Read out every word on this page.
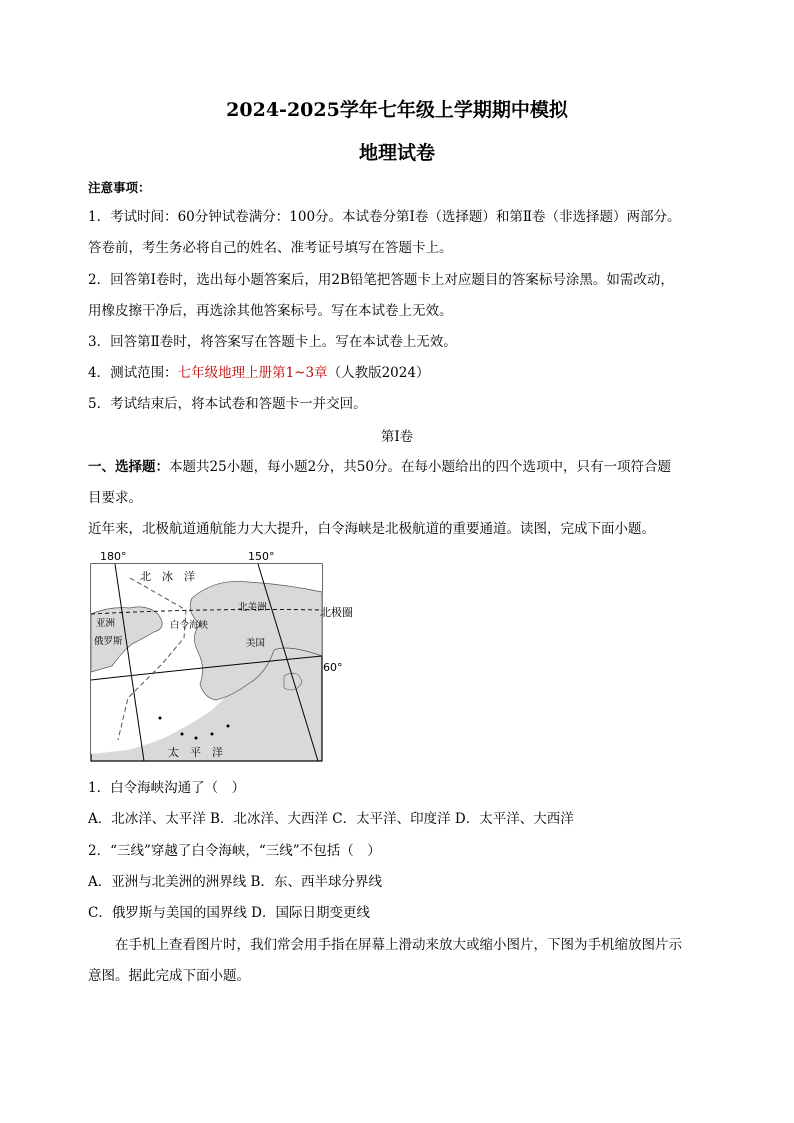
2024-2025学年七年级上学期期中模拟
地理试卷
注意事项：
1．考试时间：60分钟试卷满分：100分。本试卷分第Ⅰ卷（选择题）和第Ⅱ卷（非选择题）两部分。
答卷前，考生务必将自己的姓名、准考证号填写在答题卡上。
2．回答第Ⅰ卷时，选出每小题答案后，用2B铅笔把答题卡上对应题目的答案标号涂黑。如需改动，
用橡皮擦干净后，再选涂其他答案标号。写在本试卷上无效。
3．回答第Ⅱ卷时，将答案写在答题卡上。写在本试卷上无效。
4．测试范围：七年级地理上册第1~3章（人教版2024）
5．考试结束后，将本试卷和答题卡一并交回。
第Ⅰ卷
一、选择题：本题共25小题，每小题2分，共50分。在每小题给出的四个选项中，只有一项符合题
目要求。
近年来，北极航道通航能力大大提升，白令海峡是北极航道的重要通道。读图，完成下面小题。
180°	150°
60°
北　冰　洋
太　平　洋
北美洲
美国
亚洲
俄罗斯
白令海峡
北极圈
1．白令海峡沟通了（　）
A．北冰洋、太平洋 B．北冰洋、大西洋 C．太平洋、印度洋 D．太平洋、大西洋
2．“三线”穿越了白令海峡，“三线”不包括（　）
A．亚洲与北美洲的洲界线 B．东、西半球分界线
C．俄罗斯与美国的国界线 D．国际日期变更线
在手机上查看图片时，我们常会用手指在屏幕上滑动来放大或缩小图片，下图为手机缩放图片示
意图。据此完成下面小题。
